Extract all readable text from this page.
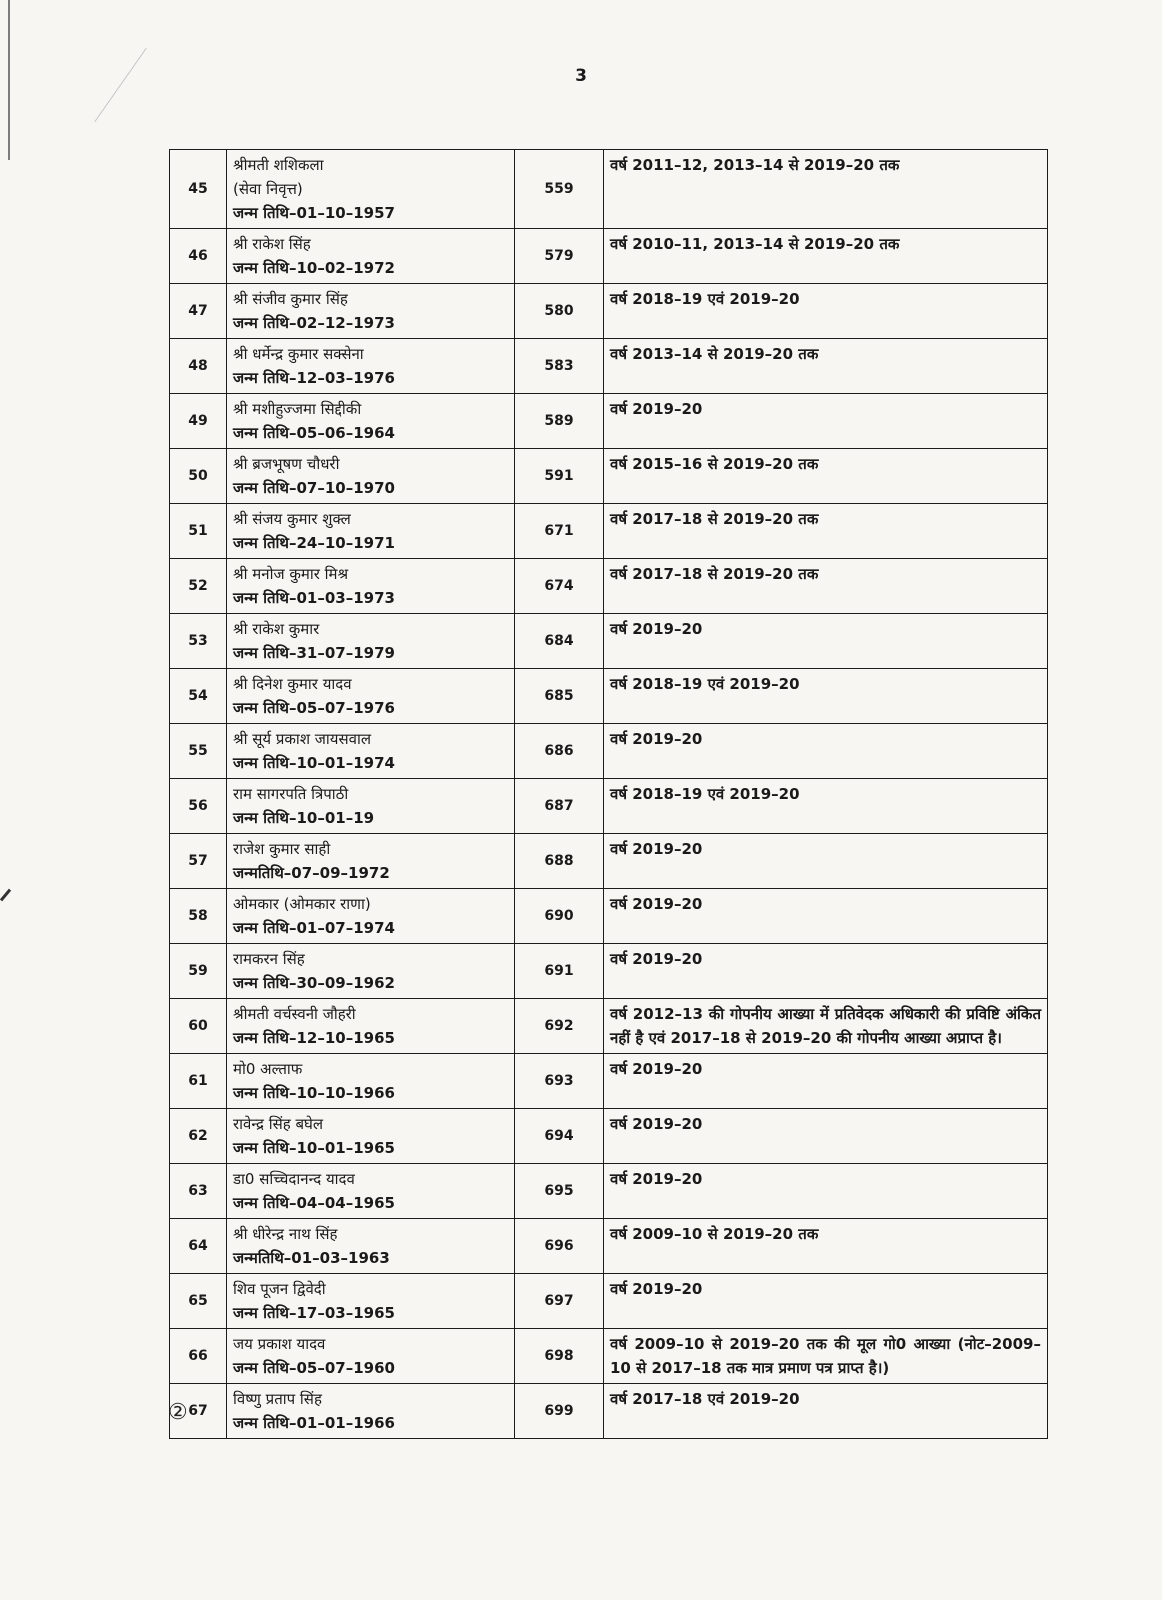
3
45	श्रीमती शशिकला
(सेवा निवृत्त)
जन्म तिथि–01–10–1957	559	वर्ष 2011–12, 2013–14 से 2019–20 तक
46	श्री राकेश सिंह
जन्म तिथि–10–02–1972	579	वर्ष 2010–11, 2013–14 से 2019–20 तक
47	श्री संजीव कुमार सिंह
जन्म तिथि–02–12–1973	580	वर्ष 2018–19 एवं 2019–20
48	श्री धर्मेन्द्र कुमार सक्सेना
जन्म तिथि–12–03–1976	583	वर्ष 2013–14 से 2019–20 तक
49	श्री मशीहुज्जमा सिद्दीकी
जन्म तिथि–05–06–1964	589	वर्ष 2019–20
50	श्री ब्रजभूषण चौधरी
जन्म तिथि–07–10–1970	591	वर्ष 2015–16 से 2019–20 तक
51	श्री संजय कुमार शुक्ल
जन्म तिथि–24–10–1971	671	वर्ष 2017–18 से 2019–20 तक
52	श्री मनोज कुमार मिश्र
जन्म तिथि–01–03–1973	674	वर्ष 2017–18 से 2019–20 तक
53	श्री राकेश कुमार
जन्म तिथि–31–07–1979	684	वर्ष 2019–20
54	श्री दिनेश कुमार यादव
जन्म तिथि–05–07–1976	685	वर्ष 2018–19 एवं 2019–20
55	श्री सूर्य प्रकाश जायसवाल
जन्म तिथि–10–01–1974	686	वर्ष 2019–20
56	राम सागरपति त्रिपाठी
जन्म तिथि–10–01–19	687	वर्ष 2018–19 एवं 2019–20
57	राजेश कुमार साही
जन्मतिथि–07–09–1972	688	वर्ष 2019–20
58	ओमकार (ओमकार राणा)
जन्म तिथि–01–07–1974	690	वर्ष 2019–20
59	रामकरन सिंह
जन्म तिथि–30–09–1962	691	वर्ष 2019–20
60	श्रीमती वर्चस्वनी जौहरी
जन्म तिथि–12–10–1965	692	वर्ष 2012–13 की गोपनीय आख्या में प्रतिवेदक अधिकारी की प्रविष्टि अंकित नहीं है एवं 2017–18 से 2019–20 की गोपनीय आख्या अप्राप्त है।
61	मो0 अल्ताफ
जन्म तिथि–10–10–1966	693	वर्ष 2019–20
62	रावेन्द्र सिंह बघेल
जन्म तिथि–10–01–1965	694	वर्ष 2019–20
63	डा0 सच्चिदानन्द यादव
जन्म तिथि–04–04–1965	695	वर्ष 2019–20
64	श्री धीरेन्द्र नाथ सिंह
जन्मतिथि–01–03–1963	696	वर्ष 2009–10 से 2019–20 तक
65	शिव पूजन द्विवेदी
जन्म तिथि–17–03–1965	697	वर्ष 2019–20
66	जय प्रकाश यादव
जन्म तिथि–05–07–1960	698	वर्ष 2009–10 से 2019–20 तक की मूल गो0 आख्या (नोट–2009–10 से 2017–18 तक मात्र प्रमाण पत्र प्राप्त है।)
67	विष्णु प्रताप सिंह
जन्म तिथि–01–01–1966	699	वर्ष 2017–18 एवं 2019–20
②
